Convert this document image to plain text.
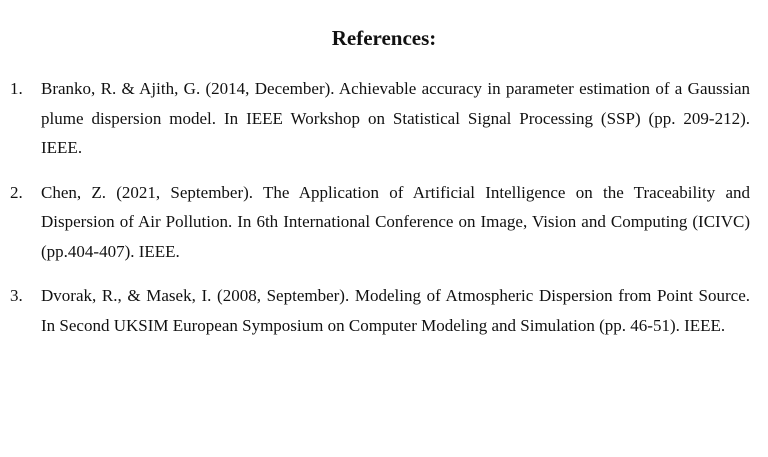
References:
1. Branko, R. & Ajith, G. (2014, December). Achievable accuracy in parameter estimation of a Gaussian plume dispersion model. In IEEE Workshop on Statistical Signal Processing (SSP) (pp. 209-212). IEEE.
2. Chen, Z. (2021, September). The Application of Artificial Intelligence on the Traceability and Dispersion of Air Pollution. In 6th International Conference on Image, Vision and Computing (ICIVC) (pp.404-407). IEEE.
3. Dvorak, R., & Masek, I. (2008, September). Modeling of Atmospheric Dispersion from Point Source. In Second UKSIM European Symposium on Computer Modeling and Simulation (pp. 46-51). IEEE.
